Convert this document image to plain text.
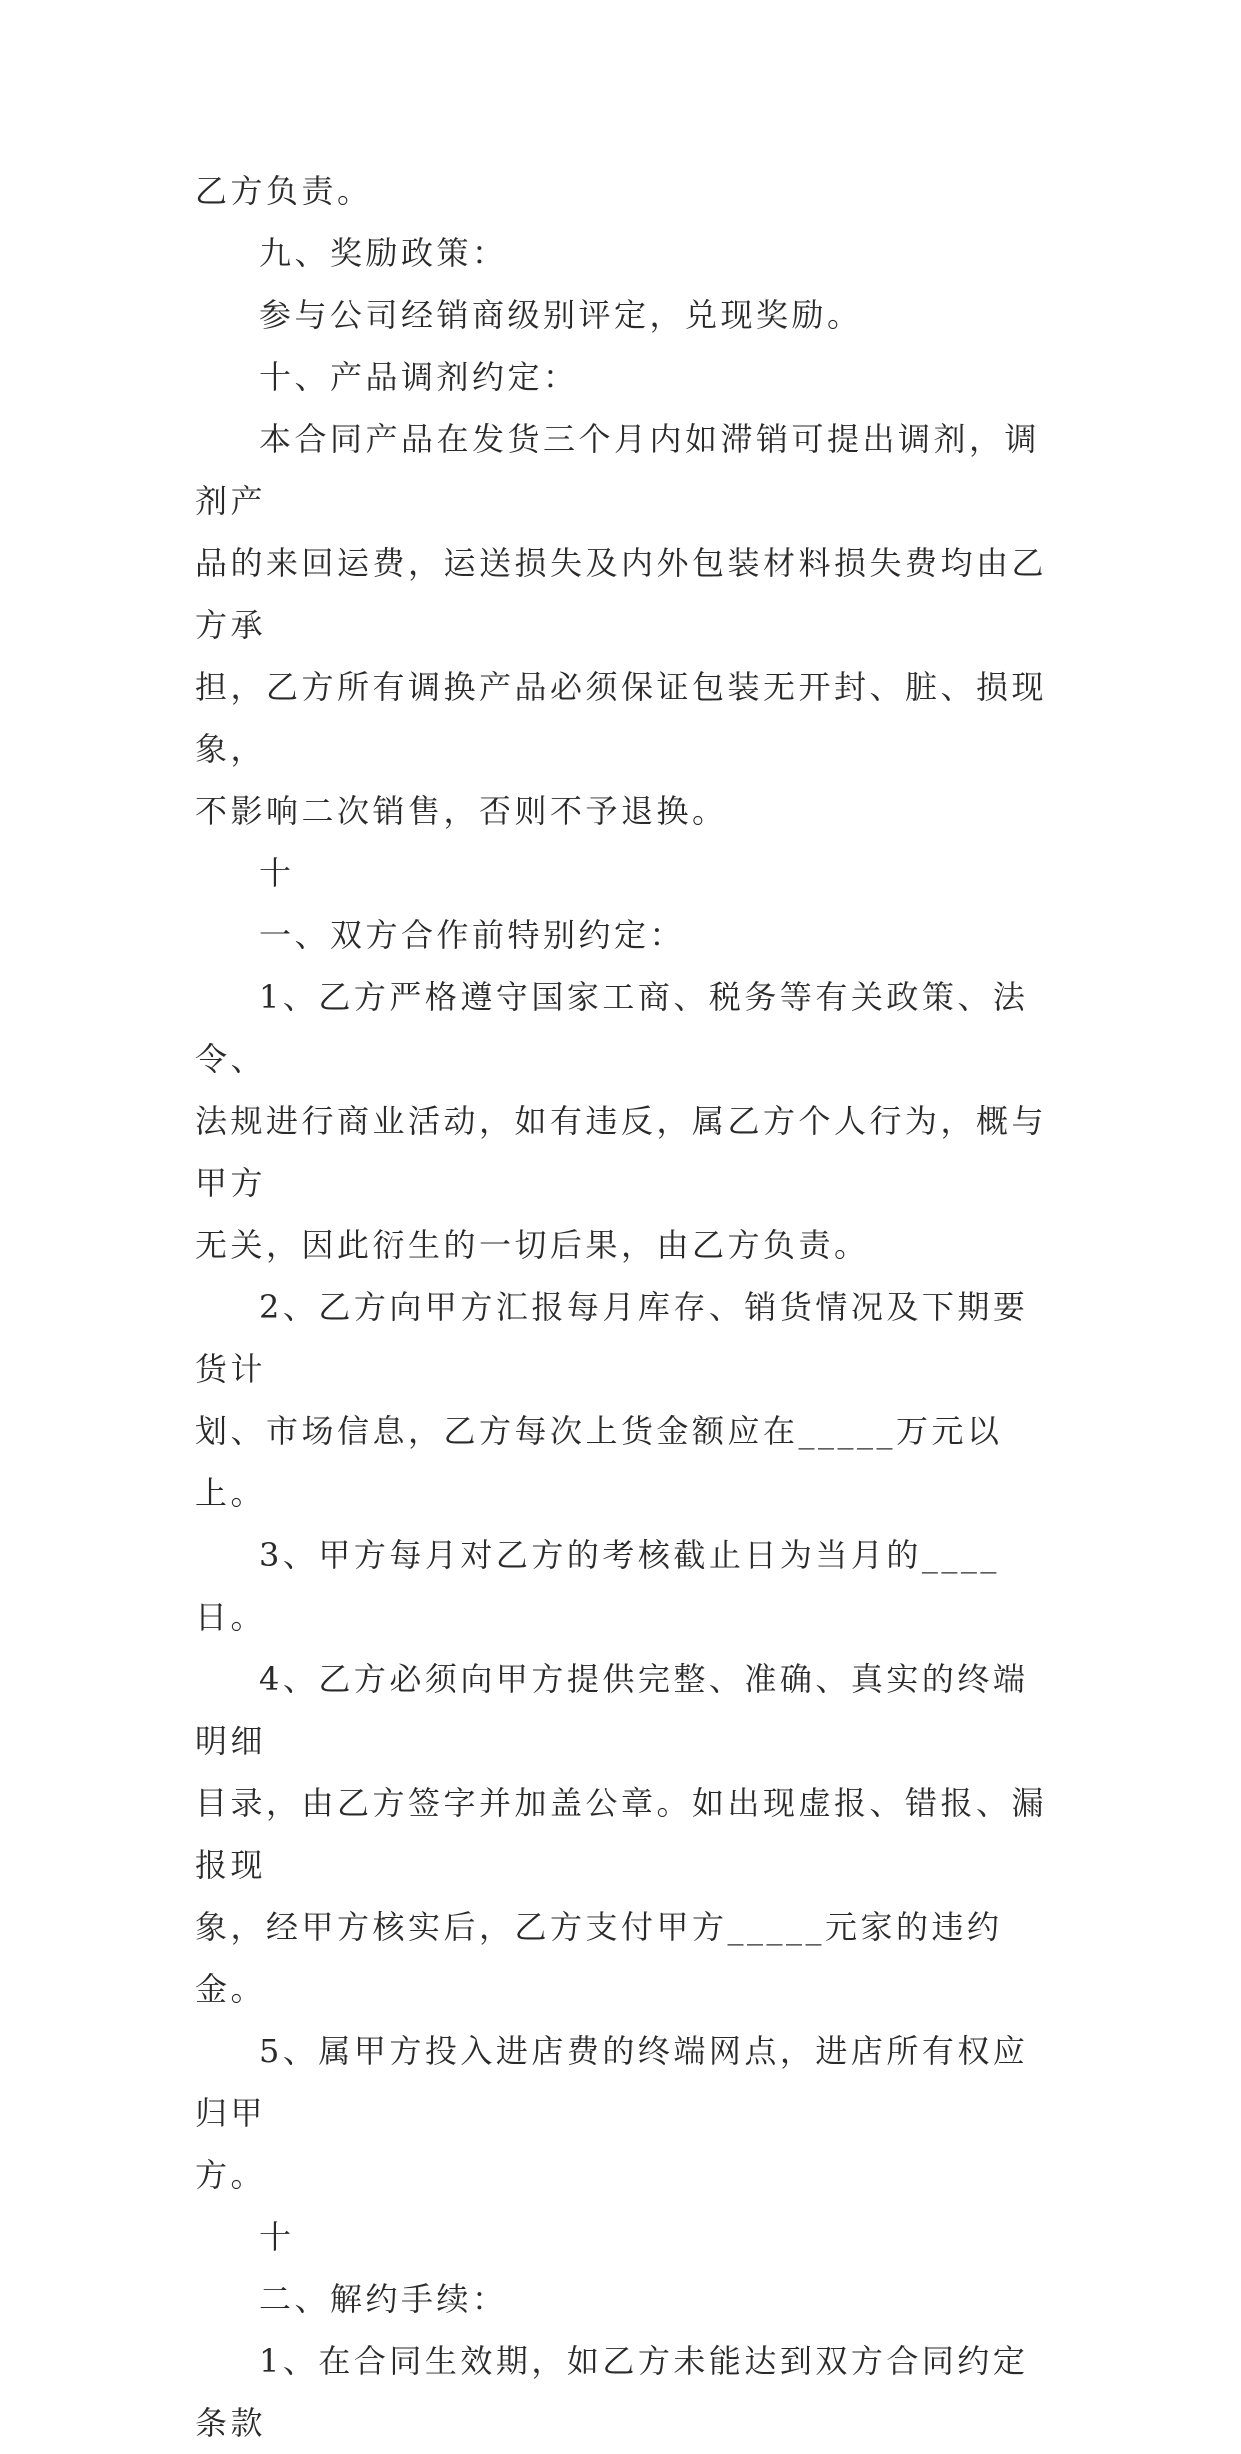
乙方负责。

九、奖励政策：

参与公司经销商级别评定，兑现奖励。

十、产品调剂约定：

本合同产品在发货三个月内如滞销可提出调剂，调剂产

品的来回运费，运送损失及内外包装材料损失费均由乙方承

担，乙方所有调换产品必须保证包装无开封、脏、损现象，

不影响二次销售，否则不予退换。

十

一、双方合作前特别约定：

1、乙方严格遵守国家工商、税务等有关政策、法令、

法规进行商业活动，如有违反，属乙方个人行为，概与甲方

无关，因此衍生的一切后果，由乙方负责。

2、乙方向甲方汇报每月库存、销货情况及下期要货计

划、市场信息，乙方每次上货金额应在_____万元以上。

3、甲方每月对乙方的考核截止日为当月的____日。

4、乙方必须向甲方提供完整、准确、真实的终端明细

目录，由乙方签字并加盖公章。如出现虚报、错报、漏报现

象，经甲方核实后，乙方支付甲方_____元家的违约金。

5、属甲方投入进店费的终端网点，进店所有权应归甲

方。

十

二、解约手续：

1、在合同生效期，如乙方未能达到双方合同约定条款
